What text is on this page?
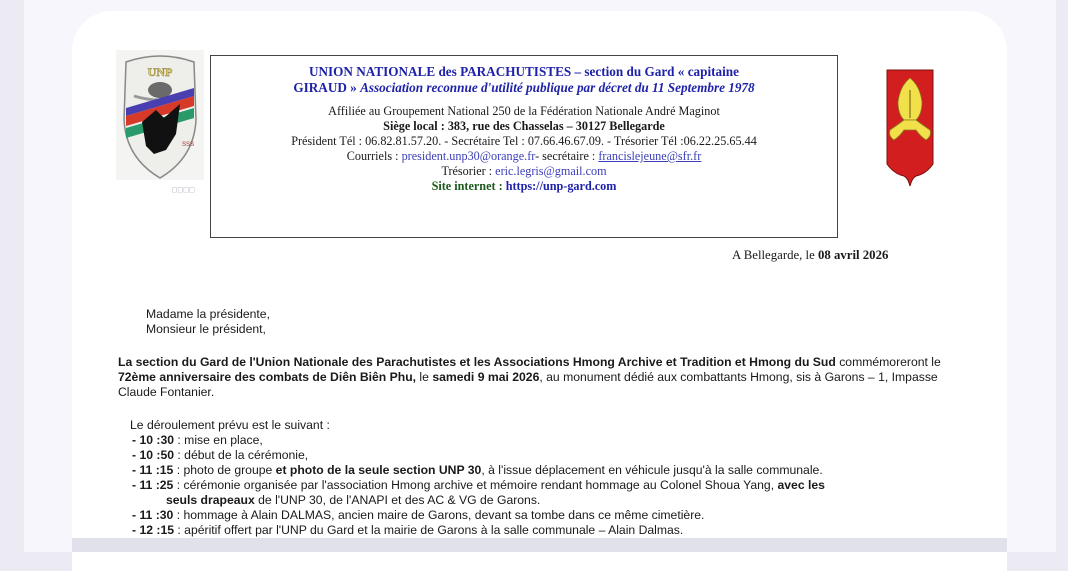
UNP
SSS
□□□□
UNION NATIONALE des PARACHUTISTES – section du Gard « capitaine
GIRAUD » Association reconnue d'utilité publique par décret du 11 Septembre 1978
Affiliée au Groupement National 250 de la Fédération Nationale André Maginot
Siège local : 383, rue des Chasselas – 30127 Bellegarde
Président Tél : 06.82.81.57.20. - Secrétaire Tel : 07.66.46.67.09. - Trésorier Tél :06.22.25.65.44
Courriels : president.unp30@orange.fr- secrétaire : francislejeune@sfr.fr
Trésorier : eric.legris@gmail.com
Site internet : https://unp-gard.com
A Bellegarde, le 08 avril 2026
Madame la présidente,
Monsieur le président,
La section du Gard de l'Union Nationale des Parachutistes et les Associations Hmong Archive et Tradition et Hmong du Sud commémoreront le 72ème anniversaire des combats de Diên Biên Phu, le samedi 9 mai 2026, au monument dédié aux combattants Hmong, sis à Garons – 1, Impasse Claude Fontanier.
Le déroulement prévu est le suivant :
- 10 :30 : mise en place,
- 10 :50 : début de la cérémonie,
- 11 :15 : photo de groupe et photo de la seule section UNP 30, à l'issue déplacement en véhicule jusqu'à la salle communale.
- 11 :25 : cérémonie organisée par l'association Hmong archive et mémoire rendant hommage au Colonel Shoua Yang, avec les
seuls drapeaux de l'UNP 30, de l'ANAPI et des AC & VG de Garons.
- 11 :30 : hommage à Alain DALMAS, ancien maire de Garons, devant sa tombe dans ce même cimetière.
- 12 :15 : apéritif offert par l'UNP du Gard et la mairie de Garons à la salle communale – Alain Dalmas.
